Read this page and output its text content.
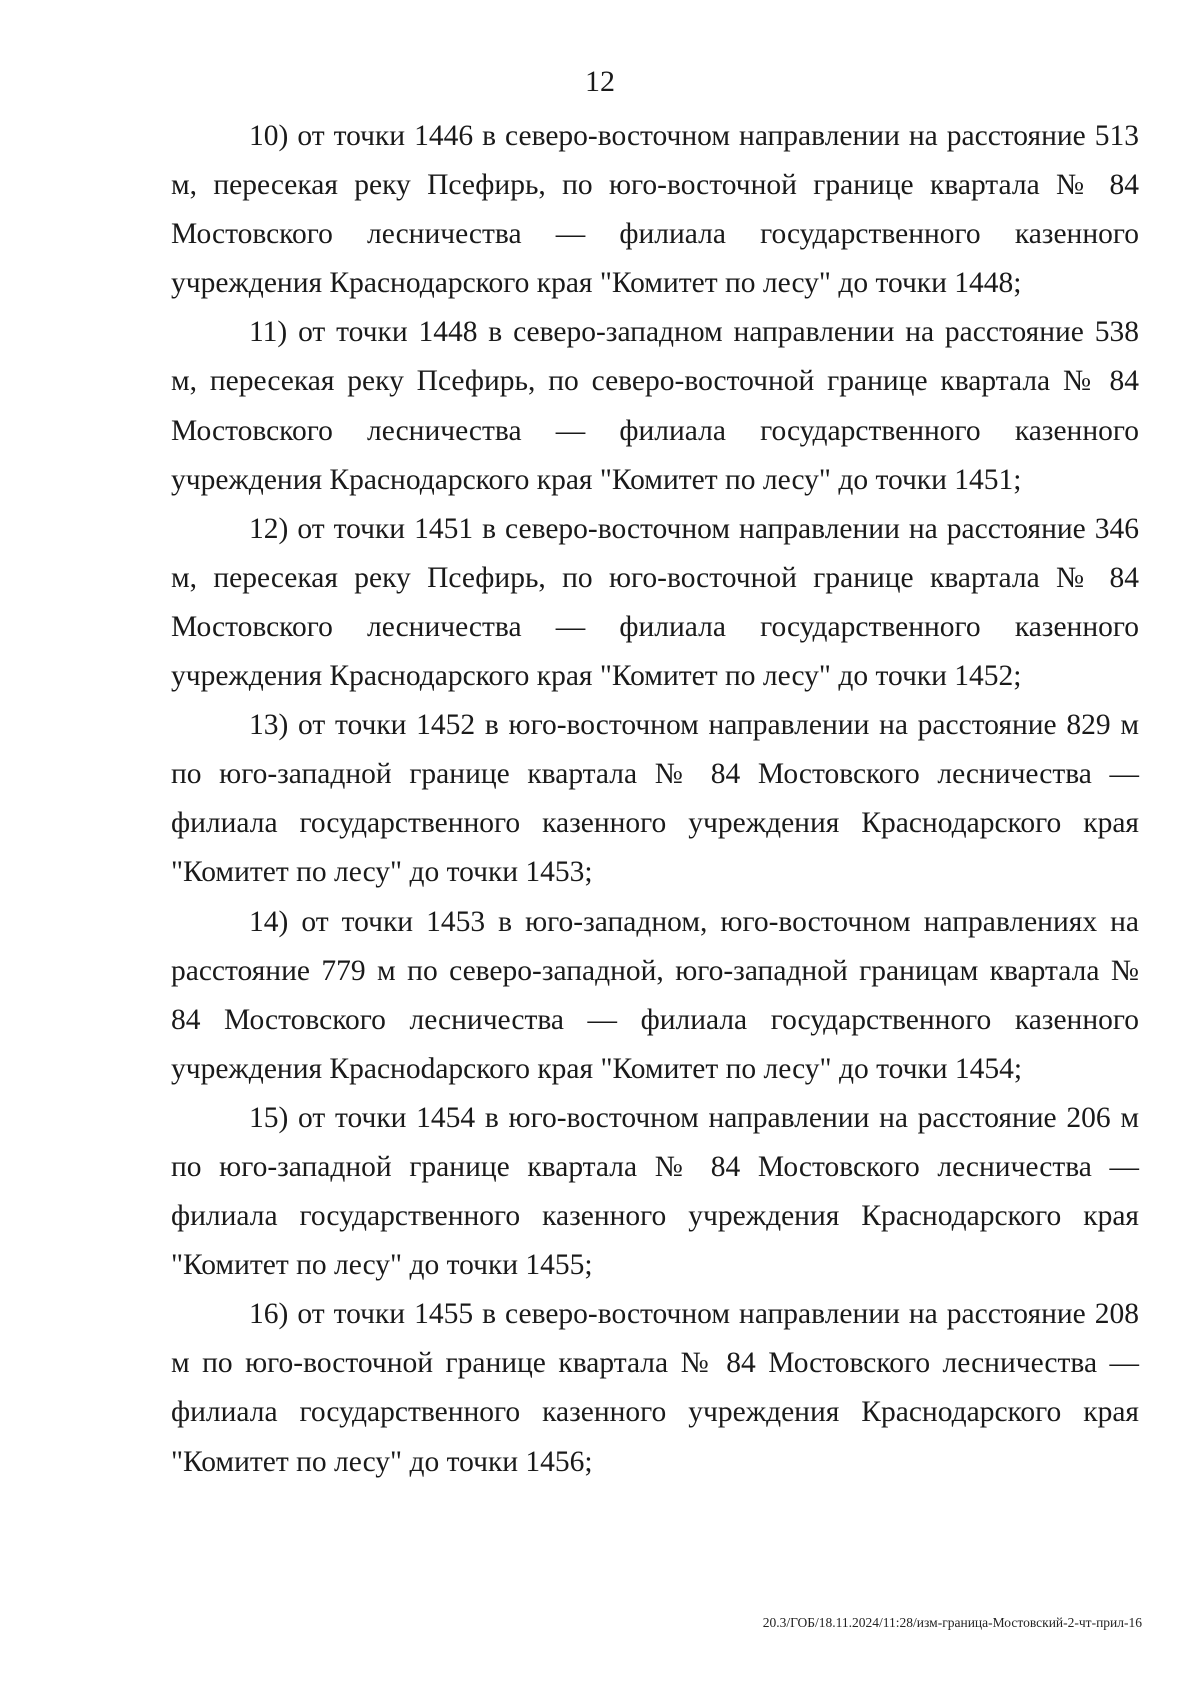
12

10) от точки 1446 в северо-восточном направлении на расстояние 513 м, пересекая реку Псефирь, по юго-восточной границе квартала № 84 Мостовского лесничества — филиала государственного казенного учреждения Краснодарского края "Комитет по лесу" до точки 1448;

11) от точки 1448 в северо-западном направлении на расстояние 538 м, пересекая реку Псефирь, по северо-восточной границе квартала № 84 Мостовского лесничества — филиала государственного казенного учреждения Краснодарского края "Комитет по лесу" до точки 1451;

12) от точки 1451 в северо-восточном направлении на расстояние 346 м, пересекая реку Псефирь, по юго-восточной границе квартала № 84 Мостовского лесничества — филиала государственного казенного учреждения Краснодарского края "Комитет по лесу" до точки 1452;

13) от точки 1452 в юго-восточном направлении на расстояние 829 м по юго-западной границе квартала № 84 Мостовского лесничества — филиала государственного казенного учреждения Краснодарского края "Комитет по лесу" до точки 1453;

14) от точки 1453 в юго-западном, юго-восточном направлениях на расстояние 779 м по северо-западной, юго-западной границам квартала № 84 Мостовского лесничества — филиала государственного казенного учреждения Красноdарского края "Комитет по лесу" до точки 1454;

15) от точки 1454 в юго-восточном направлении на расстояние 206 м по юго-западной границе квартала № 84 Мостовского лесничества — филиала государственного казенного учреждения Краснодарского края "Комитет по лесу" до точки 1455;

16) от точки 1455 в северо-восточном направлении на расстояние 208 м по юго-восточной границе квартала № 84 Мостовского лесничества — филиала государственного казенного учреждения Краснодарского края "Комитет по лесу" до точки 1456;

20.3/ГОБ/18.11.2024/11:28/изм-граница-Мостовский-2-чт-прил-16
